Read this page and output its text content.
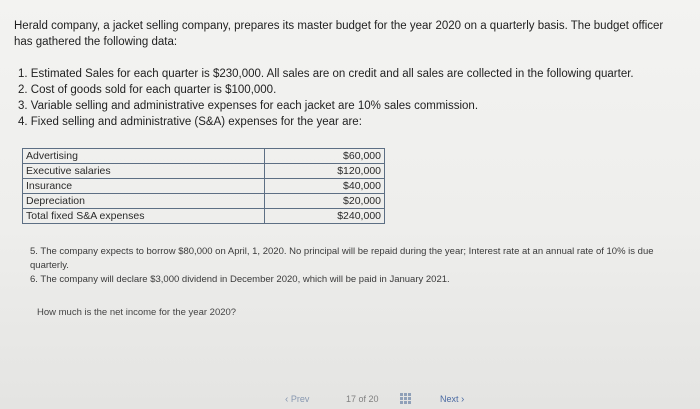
Herald company, a jacket selling company, prepares its master budget for the year 2020 on a quarterly basis. The budget officer has gathered the following data:
1. Estimated Sales for each quarter is $230,000. All sales are on credit and all sales are collected in the following quarter.
2. Cost of goods sold for each quarter is $100,000.
3. Variable selling and administrative expenses for each jacket are 10% sales commission.
4. Fixed selling and administrative (S&A) expenses for the year are:
Advertising	$60,000
Executive salaries	$120,000
Insurance	$40,000
Depreciation	$20,000
Total fixed S&A expenses	$240,000
5. The company expects to borrow $80,000 on April, 1, 2020. No principal will be repaid during the year; Interest rate at an annual rate of 10% is due quarterly.
6. The company will declare $3,000 dividend in December 2020, which will be paid in January 2021.
How much is the net income for the year 2020?
‹ Prev	17 of 20	Next ›
